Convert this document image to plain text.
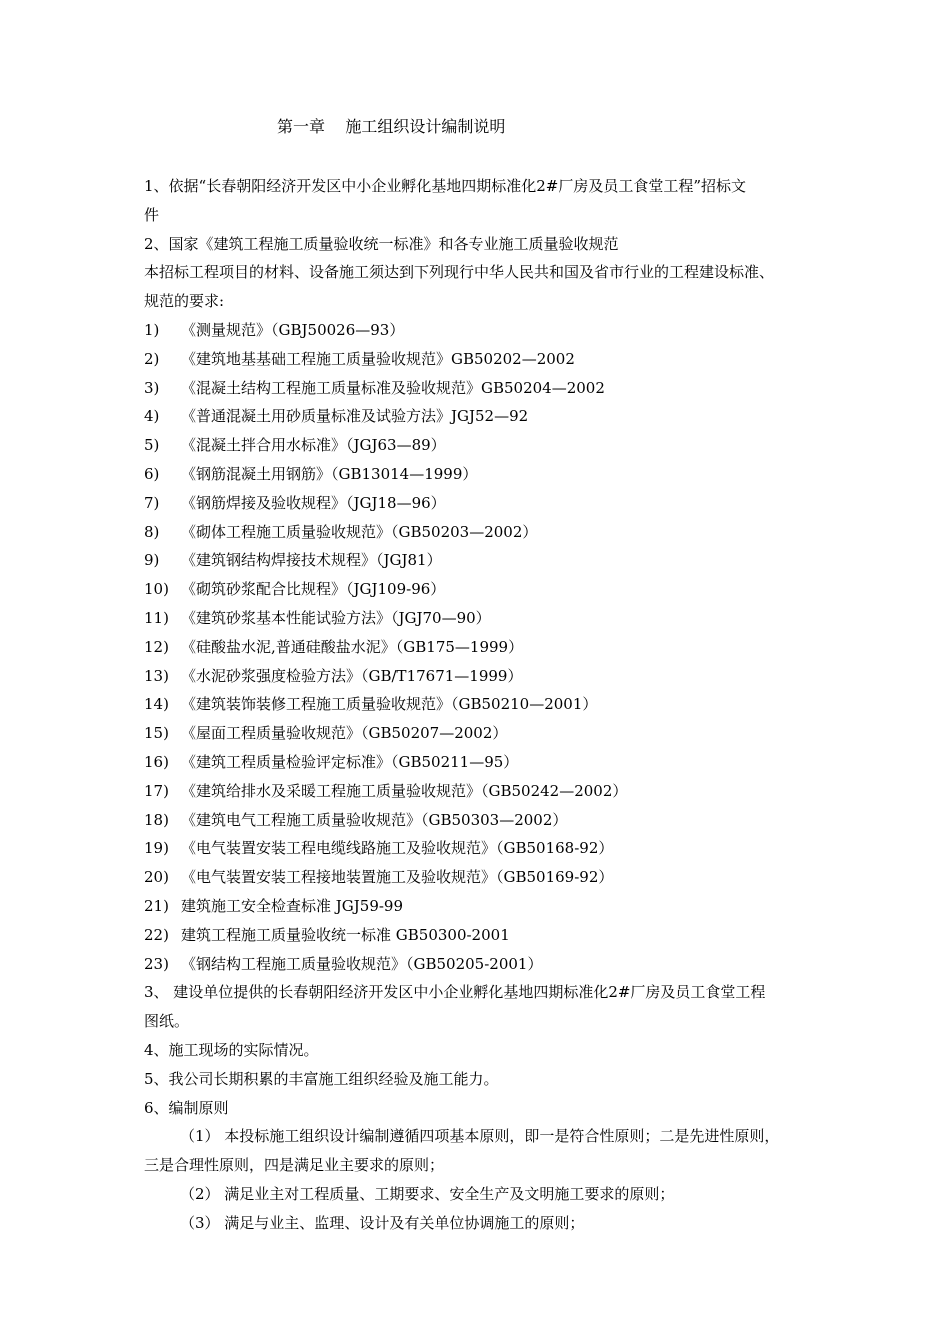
第一章    施工组织设计编制说明
1、依据“长春朝阳经济开发区中小企业孵化基地四期标准化2#厂房及员工食堂工程”招标文
件
2、国家《建筑工程施工质量验收统一标准》和各专业施工质量验收规范
本招标工程项目的材料、设备施工须达到下列现行中华人民共和国及省市行业的工程建设标准、
规范的要求:
1)	《测量规范》（GBJ50026—93）
2)	《建筑地基基础工程施工质量验收规范》GB50202—2002
3)	《混凝土结构工程施工质量标准及验收规范》GB50204—2002
4)	《普通混凝土用砂质量标准及试验方法》JGJ52—92
5)	《混凝土拌合用水标准》（JGJ63—89）
6)	《钢筋混凝土用钢筋》（GB13014—1999）
7)	《钢筋焊接及验收规程》（JGJ18—96）
8)	《砌体工程施工质量验收规范》（GB50203—2002）
9)	《建筑钢结构焊接技术规程》（JGJ81）
10) 《砌筑砂浆配合比规程》（JGJ109-96）
11) 《建筑砂浆基本性能试验方法》（JGJ70—90）
12) 《硅酸盐水泥,普通硅酸盐水泥》（GB175—1999）
13) 《水泥砂浆强度检验方法》（GB/T17671—1999）
14) 《建筑装饰装修工程施工质量验收规范》（GB50210—2001）
15) 《屋面工程质量验收规范》（GB50207—2002）
16) 《建筑工程质量检验评定标准》（GB50211—95）
17) 《建筑给排水及采暖工程施工质量验收规范》（GB50242—2002）
18) 《建筑电气工程施工质量验收规范》（GB50303—2002）
19) 《电气装置安装工程电缆线路施工及验收规范》（GB50168-92）
20) 《电气装置安装工程接地装置施工及验收规范》（GB50169-92）
21) 建筑施工安全检查标准 JGJ59-99
22) 建筑工程施工质量验收统一标准 GB50300-2001
23) 《钢结构工程施工质量验收规范》（GB50205-2001）
3、 建设单位提供的长春朝阳经济开发区中小企业孵化基地四期标准化2#厂房及员工食堂工程
图纸。
4、施工现场的实际情况。
5、我公司长期积累的丰富施工组织经验及施工能力。
6、编制原则
（1） 本投标施工组织设计编制遵循四项基本原则，即一是符合性原则；二是先进性原则，
三是合理性原则，四是满足业主要求的原则；
（2） 满足业主对工程质量、工期要求、安全生产及文明施工要求的原则；
（3） 满足与业主、监理、设计及有关单位协调施工的原则；
